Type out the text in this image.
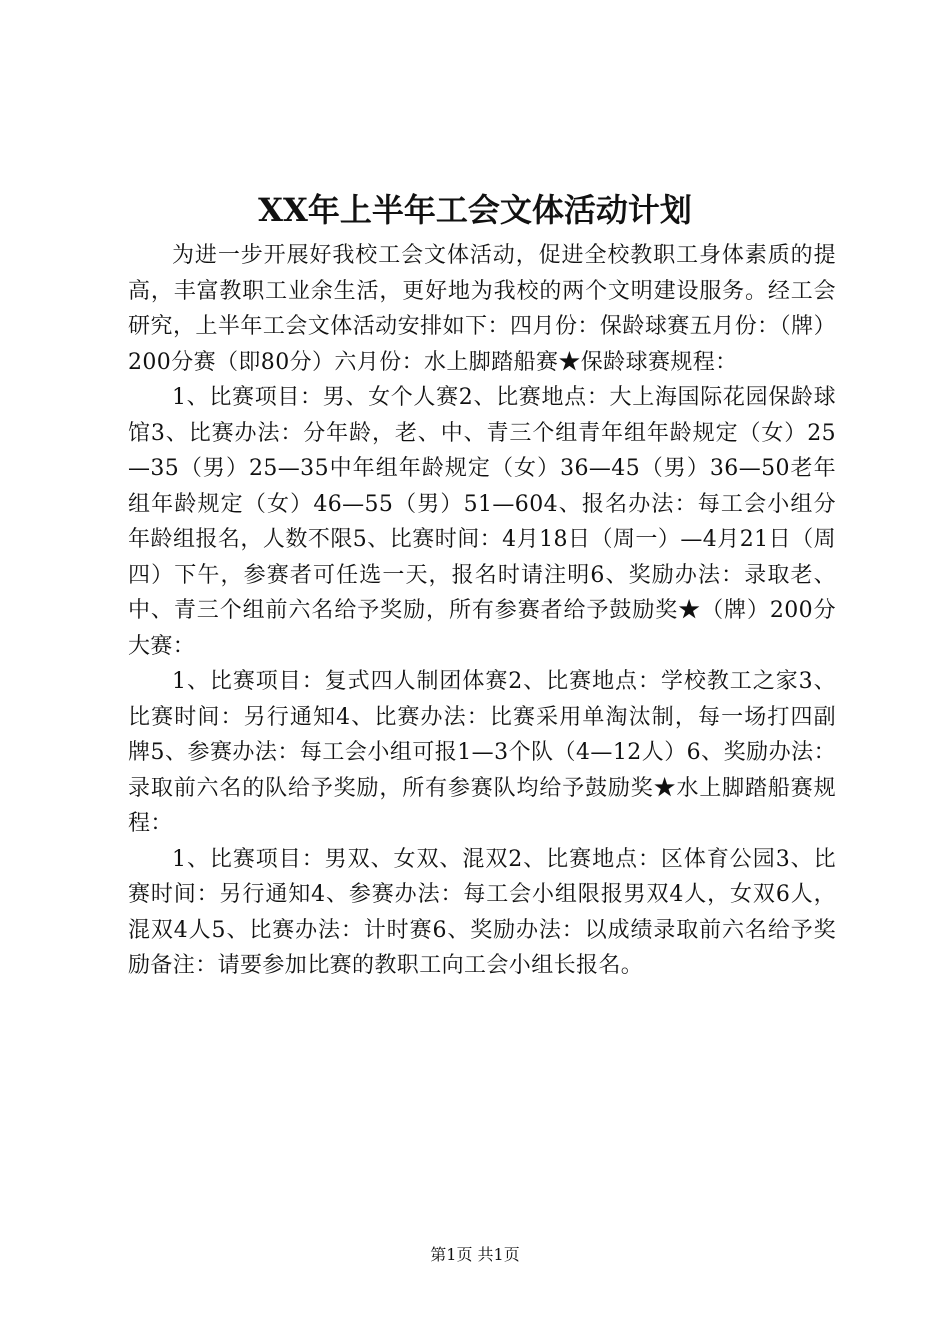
XX年上半年工会文体活动计划

为进一步开展好我校工会文体活动，促进全校教职工身体素质的提高，丰富教职工业余生活，更好地为我校的两个文明建设服务。经工会研究，上半年工会文体活动安排如下：四月份：保龄球赛五月份：（牌）200分赛（即80分）六月份：水上脚踏船赛★保龄球赛规程：

1、比赛项目：男、女个人赛2、比赛地点：大上海国际花园保龄球馆3、比赛办法：分年龄，老、中、青三个组青年组年龄规定（女）25—35（男）25—35中年组年龄规定（女）36—45（男）36—50老年组年龄规定（女）46—55（男）51—604、报名办法：每工会小组分年龄组报名，人数不限5、比赛时间：4月18日（周一）—4月21日（周四）下午，参赛者可任选一天，报名时请注明6、奖励办法：录取老、中、青三个组前六名给予奖励，所有参赛者给予鼓励奖★（牌）200分大赛：

1、比赛项目：复式四人制团体赛2、比赛地点：学校教工之家3、比赛时间：另行通知4、比赛办法：比赛采用单淘汰制，每一场打四副牌5、参赛办法：每工会小组可报1—3个队（4—12人）6、奖励办法：录取前六名的队给予奖励，所有参赛队均给予鼓励奖★水上脚踏船赛规程：

1、比赛项目：男双、女双、混双2、比赛地点：区体育公园3、比赛时间：另行通知4、参赛办法：每工会小组限报男双4人，女双6人，混双4人5、比赛办法：计时赛6、奖励办法：以成绩录取前六名给予奖励备注：请要参加比赛的教职工向工会小组长报名。

第1页 共1页
